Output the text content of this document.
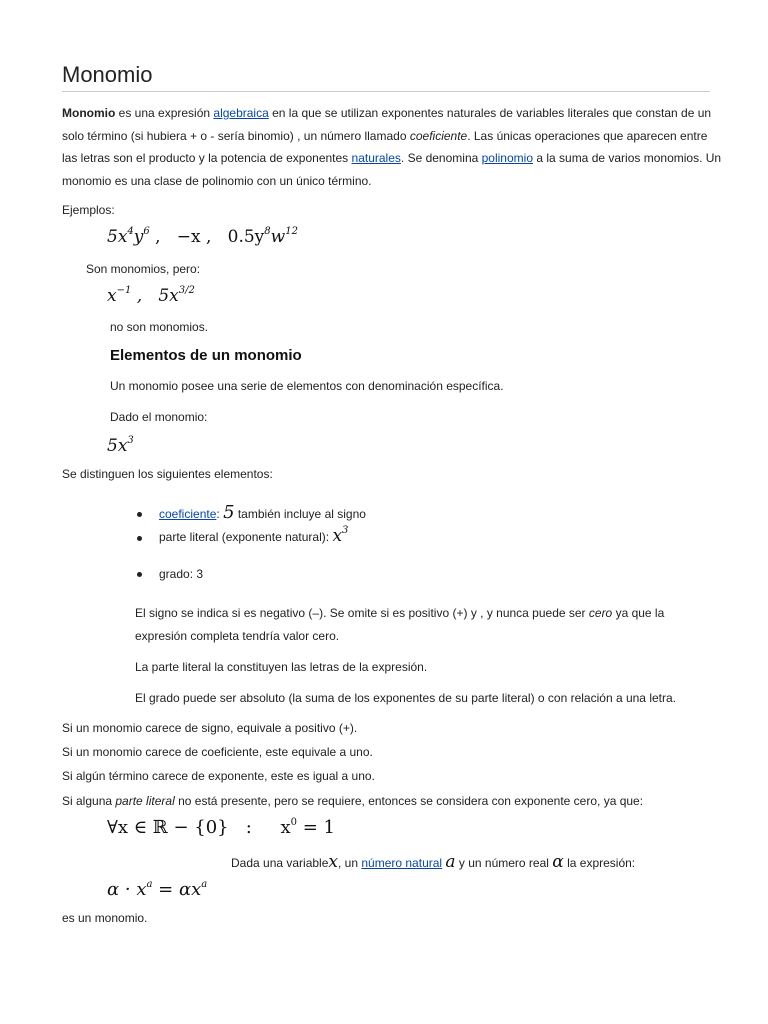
Monomio
Monomio es una expresión algebraica en la que se utilizan exponentes naturales de variables literales que constan de un solo término (si hubiera + o - sería binomio) , un número llamado coeficiente. Las únicas operaciones que aparecen entre las letras son el producto y la potencia de exponentes naturales. Se denomina polinomio a la suma de varios monomios. Un monomio es una clase de polinomio con un único término.
Ejemplos:
$5x^4y^6$ ,   −x ,   $0.5y^8w^{12}$
Son monomios, pero:
$x^{-1}$ ,   $5x^{3/2}$
no son monomios.
Elementos de un monomio
Un monomio posee una serie de elementos con denominación específica.
Dado el monomio:
$5x^3$
Se distinguen los siguientes elementos:
coeficiente: 5 también incluye al signo
parte literal (exponente natural): $x^3$
grado: 3
El signo se indica si es negativo (–). Se omite si es positivo (+) y , y nunca puede ser cero ya que la expresión completa tendría valor cero.
La parte literal la constituyen las letras de la expresión.
El grado puede ser absoluto (la suma de los exponentes de su parte literal) o con relación a una letra.
Si un monomio carece de signo, equivale a positivo (+).
Si un monomio carece de coeficiente, este equivale a uno.
Si algún término carece de exponente, este es igual a uno.
Si alguna parte literal no está presente, pero se requiere, entonces se considera con exponente cero, ya que:
∀x ∈ ℝ − {0}   :     $x^0 = 1$
Dada una variablex, un número natural a y un número real α la expresión:
$\alpha \cdot x^a = \alpha x^a$
es un monomio.
